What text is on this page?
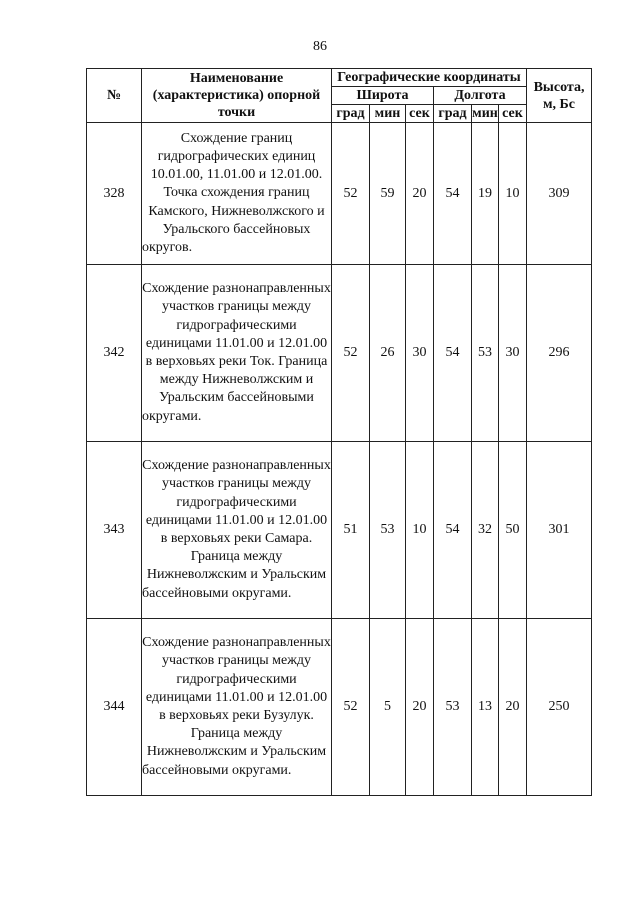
86
№	Наименование (характеристика) опорной точки	Географические координаты						Высота, м, Бс
		Широта			Долгота			
		град	мин	сек	град	мин	сек	
328	Схождение границ гидрографических единиц 10.01.00, 11.01.00 и 12.01.00. Точка схождения границ Камского, Нижневолжского и Уральского бассейновых округов.	52	59	20	54	19	10	309
342	Схождение разнонаправленных участков границы между гидрографическими единицами 11.01.00 и 12.01.00 в верховьях реки Ток. Граница между Нижневолжским и Уральским бассейновыми округами.	52	26	30	54	53	30	296
343	Схождение разнонаправленных участков границы между гидрографическими единицами 11.01.00 и 12.01.00 в верховьях реки Самара. Граница между Нижневолжским и Уральским бассейновыми округами.	51	53	10	54	32	50	301
344	Схождение разнонаправленных участков границы между гидрографическими единицами 11.01.00 и 12.01.00 в верховьях реки Бузулук. Граница между Нижневолжским и Уральским бассейновыми округами.	52	5	20	53	13	20	250
